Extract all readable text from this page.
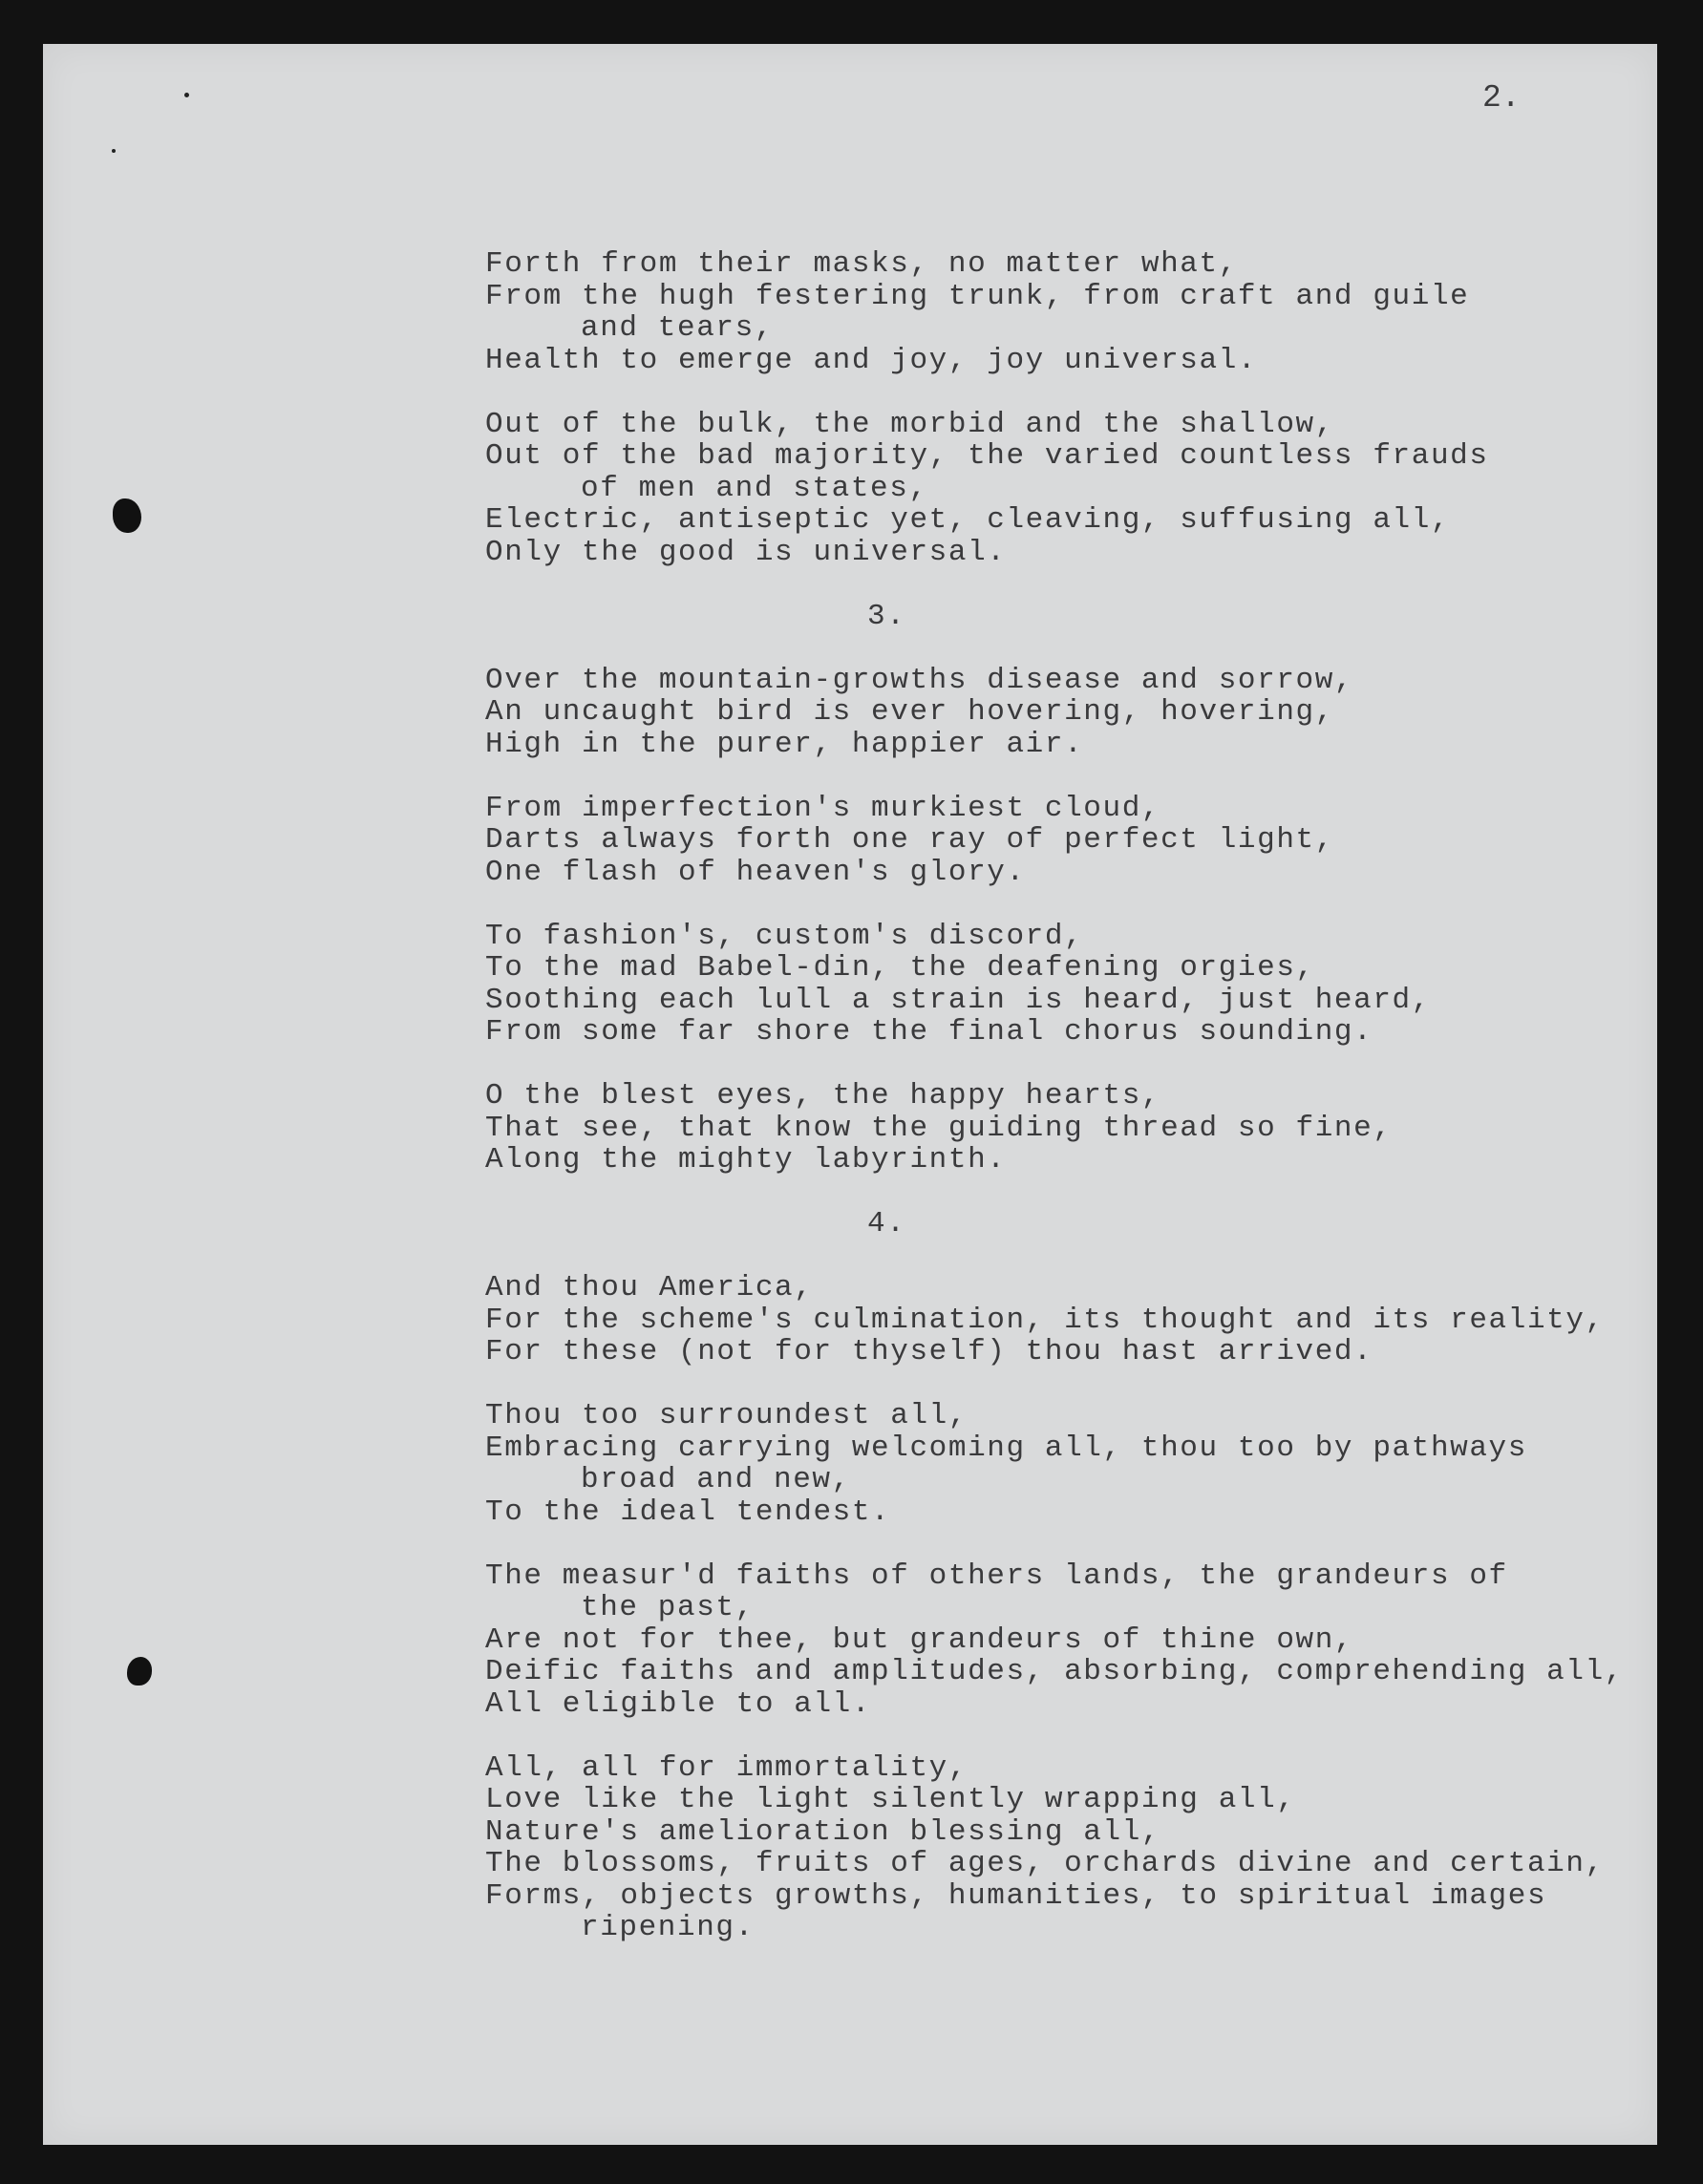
2.
Forth from their masks, no matter what,
From the hugh festering trunk, from craft and guile
and tears,
Health to emerge and joy, joy universal.
Out of the bulk, the morbid and the shallow,
Out of the bad majority, the varied countless frauds
of men and states,
Electric, antiseptic yet, cleaving, suffusing all,
Only the good is universal.
3.
Over the mountain-growths disease and sorrow,
An uncaught bird is ever hovering, hovering,
High in the purer, happier air.
From imperfection's murkiest cloud,
Darts always forth one ray of perfect light,
One flash of heaven's glory.
To fashion's, custom's discord,
To the mad Babel-din, the deafening orgies,
Soothing each lull a strain is heard, just heard,
From some far shore the final chorus sounding.
O the blest eyes, the happy hearts,
That see, that know the guiding thread so fine,
Along the mighty labyrinth.
4.
And thou America,
For the scheme's culmination, its thought and its reality,
For these (not for thyself) thou hast arrived.
Thou too surroundest all,
Embracing carrying welcoming all, thou too by pathways
broad and new,
To the ideal tendest.
The measur'd faiths of others lands, the grandeurs of
the past,
Are not for thee, but grandeurs of thine own,
Deific faiths and amplitudes, absorbing, comprehending all,
All eligible to all.
All, all for immortality,
Love like the light silently wrapping all,
Nature's amelioration blessing all,
The blossoms, fruits of ages, orchards divine and certain,
Forms, objects growths, humanities, to spiritual images
ripening.
